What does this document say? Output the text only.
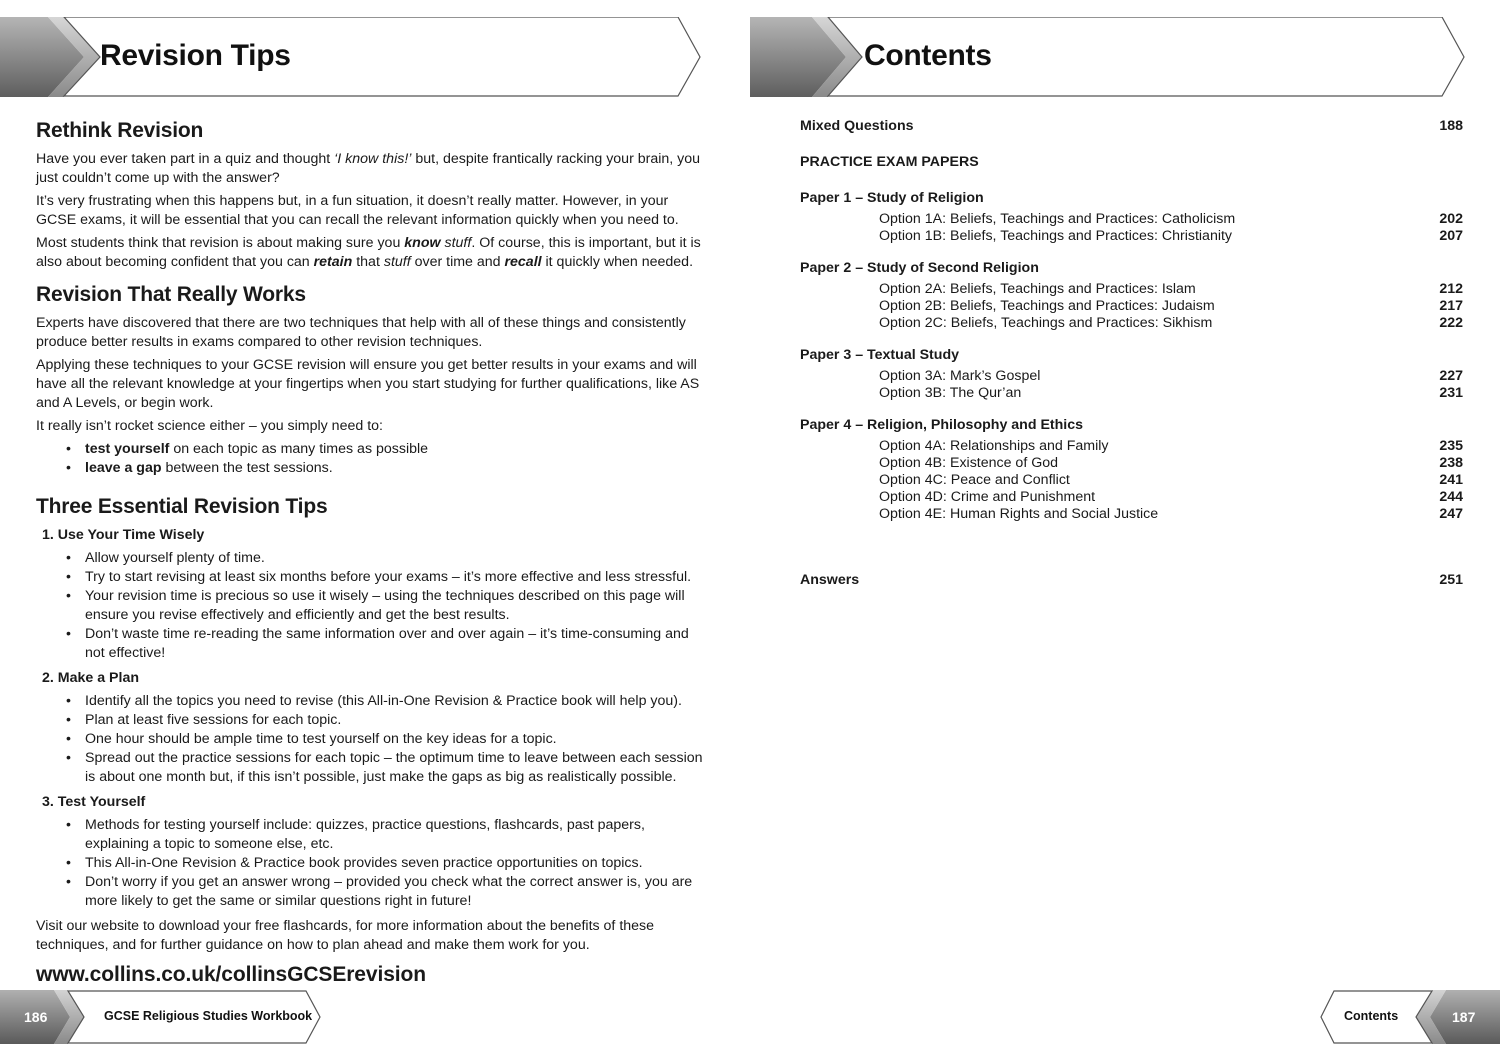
Revision Tips
Rethink Revision

Have you ever taken part in a quiz and thought ‘I know this!’ but, despite frantically racking your brain, you just couldn’t come up with the answer?

It’s very frustrating when this happens but, in a fun situation, it doesn’t really matter. However, in your GCSE exams, it will be essential that you can recall the relevant information quickly when you need to.

Most students think that revision is about making sure you know stuff. Of course, this is important, but it is also about becoming confident that you can retain that stuff over time and recall it quickly when needed.

Revision That Really Works

Experts have discovered that there are two techniques that help with all of these things and consistently produce better results in exams compared to other revision techniques.

Applying these techniques to your GCSE revision will ensure you get better results in your exams and will have all the relevant knowledge at your fingertips when you start studying for further qualifications, like AS and A Levels, or begin work.

It really isn’t rocket science either – you simply need to:

• test yourself on each topic as many times as possible
• leave a gap between the test sessions.
Three Essential Revision Tips
1. Use Your Time Wisely
• Allow yourself plenty of time.
• Try to start revising at least six months before your exams – it’s more effective and less stressful.
• Your revision time is precious so use it wisely – using the techniques described on this page will ensure you revise effectively and efficiently and get the best results.
• Don’t waste time re-reading the same information over and over again – it’s time-consuming and not effective!
2. Make a Plan
• Identify all the topics you need to revise (this All-in-One Revision & Practice book will help you).
• Plan at least five sessions for each topic.
• One hour should be ample time to test yourself on the key ideas for a topic.
• Spread out the practice sessions for each topic – the optimum time to leave between each session is about one month but, if this isn’t possible, just make the gaps as big as realistically possible.
3. Test Yourself
• Methods for testing yourself include: quizzes, practice questions, flashcards, past papers, explaining a topic to someone else, etc.
• This All-in-One Revision & Practice book provides seven practice opportunities on topics.
• Don’t worry if you get an answer wrong – provided you check what the correct answer is, you are more likely to get the same or similar questions right in future!

Visit our website to download your free flashcards, for more information about the benefits of these techniques, and for further guidance on how to plan ahead and make them work for you.

www.collins.co.uk/collinsGCSErevision
186	GCSE Religious Studies Workbook
Contents
Mixed Questions	188
PRACTICE EXAM PAPERS
Paper 1 – Study of Religion
Option 1A: Beliefs, Teachings and Practices: Catholicism	202
Option 1B: Beliefs, Teachings and Practices: Christianity	207
Paper 2 – Study of Second Religion
Option 2A: Beliefs, Teachings and Practices: Islam	212
Option 2B: Beliefs, Teachings and Practices: Judaism	217
Option 2C: Beliefs, Teachings and Practices: Sikhism	222
Paper 3 – Textual Study
Option 3A: Mark’s Gospel	227
Option 3B: The Qur’an	231
Paper 4 – Religion, Philosophy and Ethics
Option 4A: Relationships and Family	235
Option 4B: Existence of God	238
Option 4C: Peace and Conflict	241
Option 4D: Crime and Punishment	244
Option 4E: Human Rights and Social Justice	247
Answers	251
Contents	187
